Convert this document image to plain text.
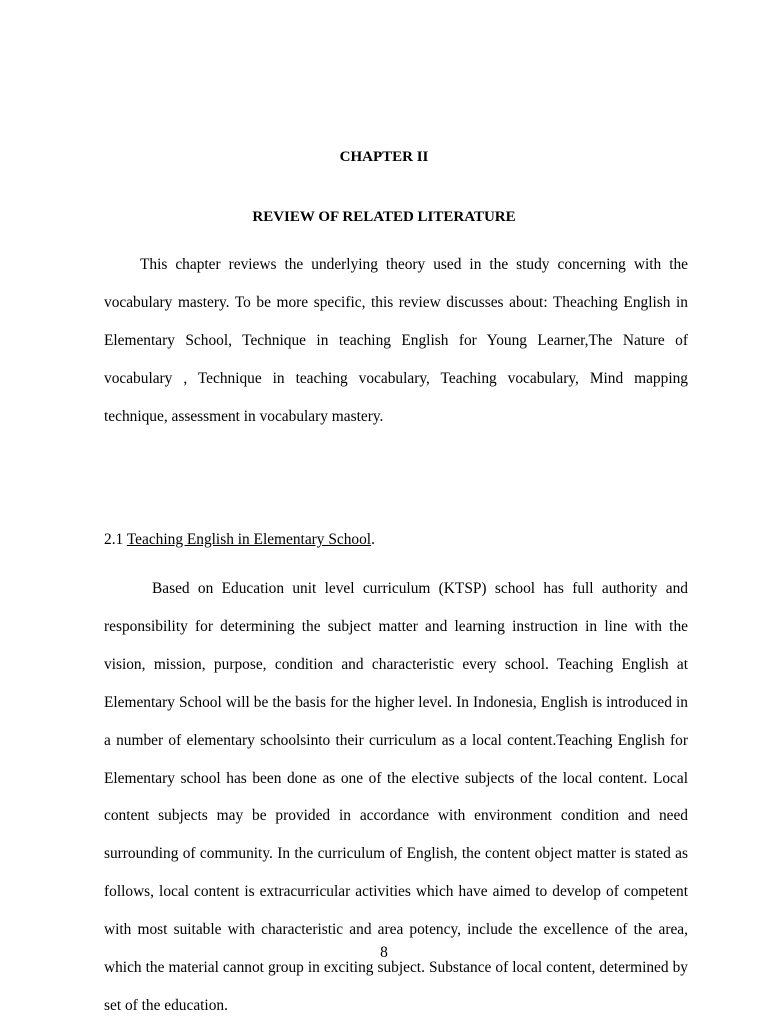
CHAPTER II
REVIEW OF RELATED LITERATURE

This chapter reviews the underlying theory used in the study concerning with the vocabulary mastery. To be more specific, this review discusses about: Theaching English in Elementary School, Technique in teaching English for Young Learner,The Nature of vocabulary , Technique in teaching vocabulary, Teaching vocabulary, Mind mapping technique, assessment in vocabulary mastery.

2.1 Teaching English in Elementary School.

Based on Education unit level curriculum (KTSP) school has full authority and responsibility for determining the subject matter and learning instruction in line with the vision, mission, purpose, condition and characteristic every school. Teaching English at Elementary School will be the basis for the higher level. In Indonesia, English is introduced in a number of elementary schoolsinto their curriculum as a local content.Teaching English for Elementary school has been done as one of the elective subjects of the local content. Local content subjects may be provided in accordance with environment condition and need surrounding of community. In the curriculum of English, the content object matter is stated as follows, local content is extracurricular activities which have aimed to develop of competent with most suitable with characteristic and area potency, include the excellence of the area, which the material cannot group in exciting subject. Substance of local content, determined by set of the education.

8
